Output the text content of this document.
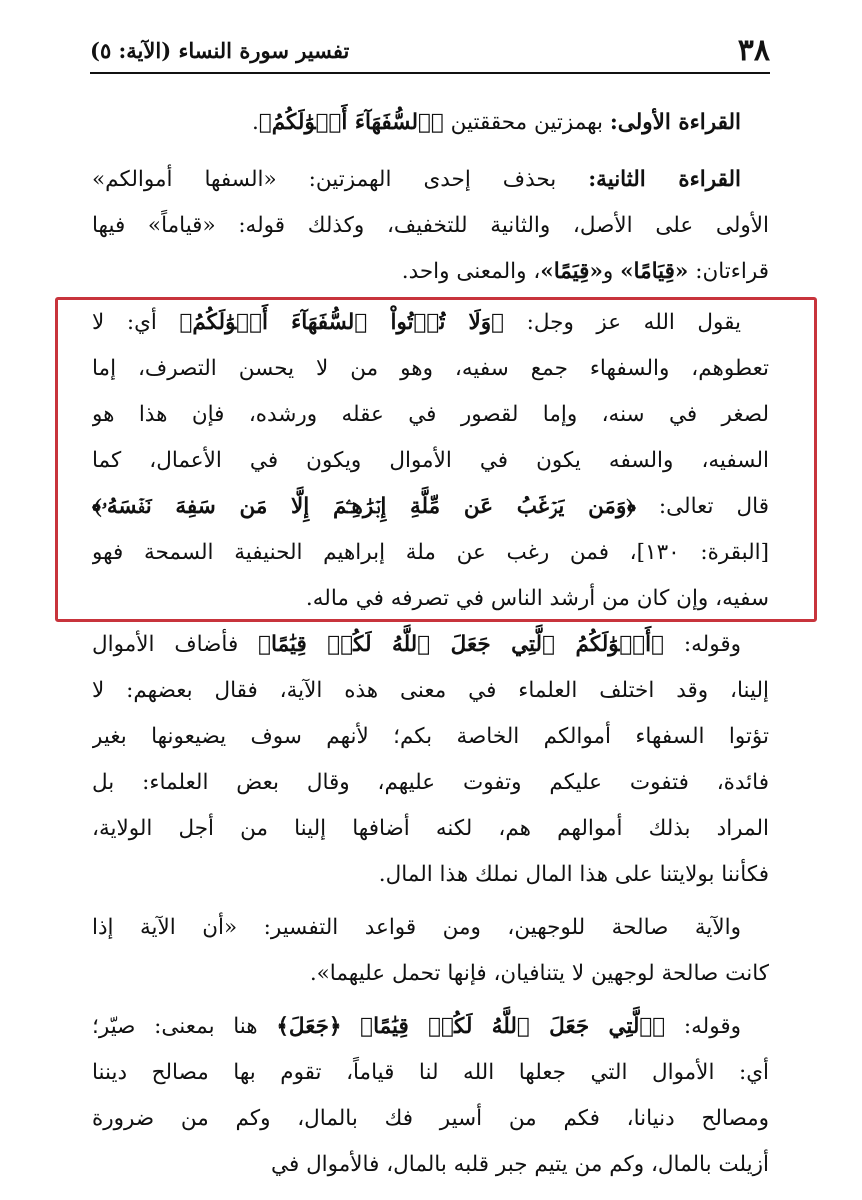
٣٨
تفسير سورة النساء (الآية: ٥)
القراءة الأولى: بهمزتين محققتين ﴿ٱلسُّفَهَآءَ أَمۡوَٰلَكُمُ﴾.
القراءة الثانية: بحذف إحدى الهمزتين: «السفها أموالكم»
الأولى على الأصل، والثانية للتخفيف، وكذلك قوله: «قياماً» فيها
قراءتان: «قِيَامًا» و«قِيَمًا»، والمعنى واحد.
يقول الله عز وجل: ﴿وَلَا تُؤۡتُواْ ٱلسُّفَهَآءَ أَمۡوَٰلَكُمُ﴾ أي: لا
تعطوهم، والسفهاء جمع سفيه، وهو من لا يحسن التصرف، إما
لصغر في سنه، وإما لقصور في عقله ورشده، فإن هذا هو
السفيه، والسفه يكون في الأموال ويكون في الأعمال، كما
قال تعالى: ﴿وَمَن يَرۡغَبُ عَن مِّلَّةِ إِبۡرَٰهِـۧمَ إِلَّا مَن سَفِهَ نَفۡسَهُۥ﴾
[البقرة: ١٣٠]، فمن رغب عن ملة إبراهيم الحنيفية السمحة فهو
سفيه، وإن كان من أرشد الناس في تصرفه في ماله.
وقوله: ﴿أَمۡوَٰلَكُمُ ٱلَّتِي جَعَلَ ٱللَّهُ لَكُمۡ قِيَٰمًا﴾ فأضاف الأموال
إلينا، وقد اختلف العلماء في معنى هذه الآية، فقال بعضهم: لا
تؤتوا السفهاء أموالكم الخاصة بكم؛ لأنهم سوف يضيعونها بغير
فائدة، فتفوت عليكم وتفوت عليهم، وقال بعض العلماء: بل
المراد بذلك أموالهم هم، لكنه أضافها إلينا من أجل الولاية،
فكأننا بولايتنا على هذا المال نملك هذا المال.
والآية صالحة للوجهين، ومن قواعد التفسير: «أن الآية إذا
كانت صالحة لوجهين لا يتنافيان، فإنها تحمل عليهما».
وقوله: ﴿ٱلَّتِي جَعَلَ ٱللَّهُ لَكُمۡ قِيَٰمًا﴾ ﴿جَعَلَ﴾ هنا بمعنى: صيّر؛
أي: الأموال التي جعلها الله لنا قياماً، تقوم بها مصالح ديننا
ومصالح دنيانا، فكم من أسير فك بالمال، وكم من ضرورة
أزيلت بالمال، وكم من يتيم جبر قلبه بالمال، فالأموال في
